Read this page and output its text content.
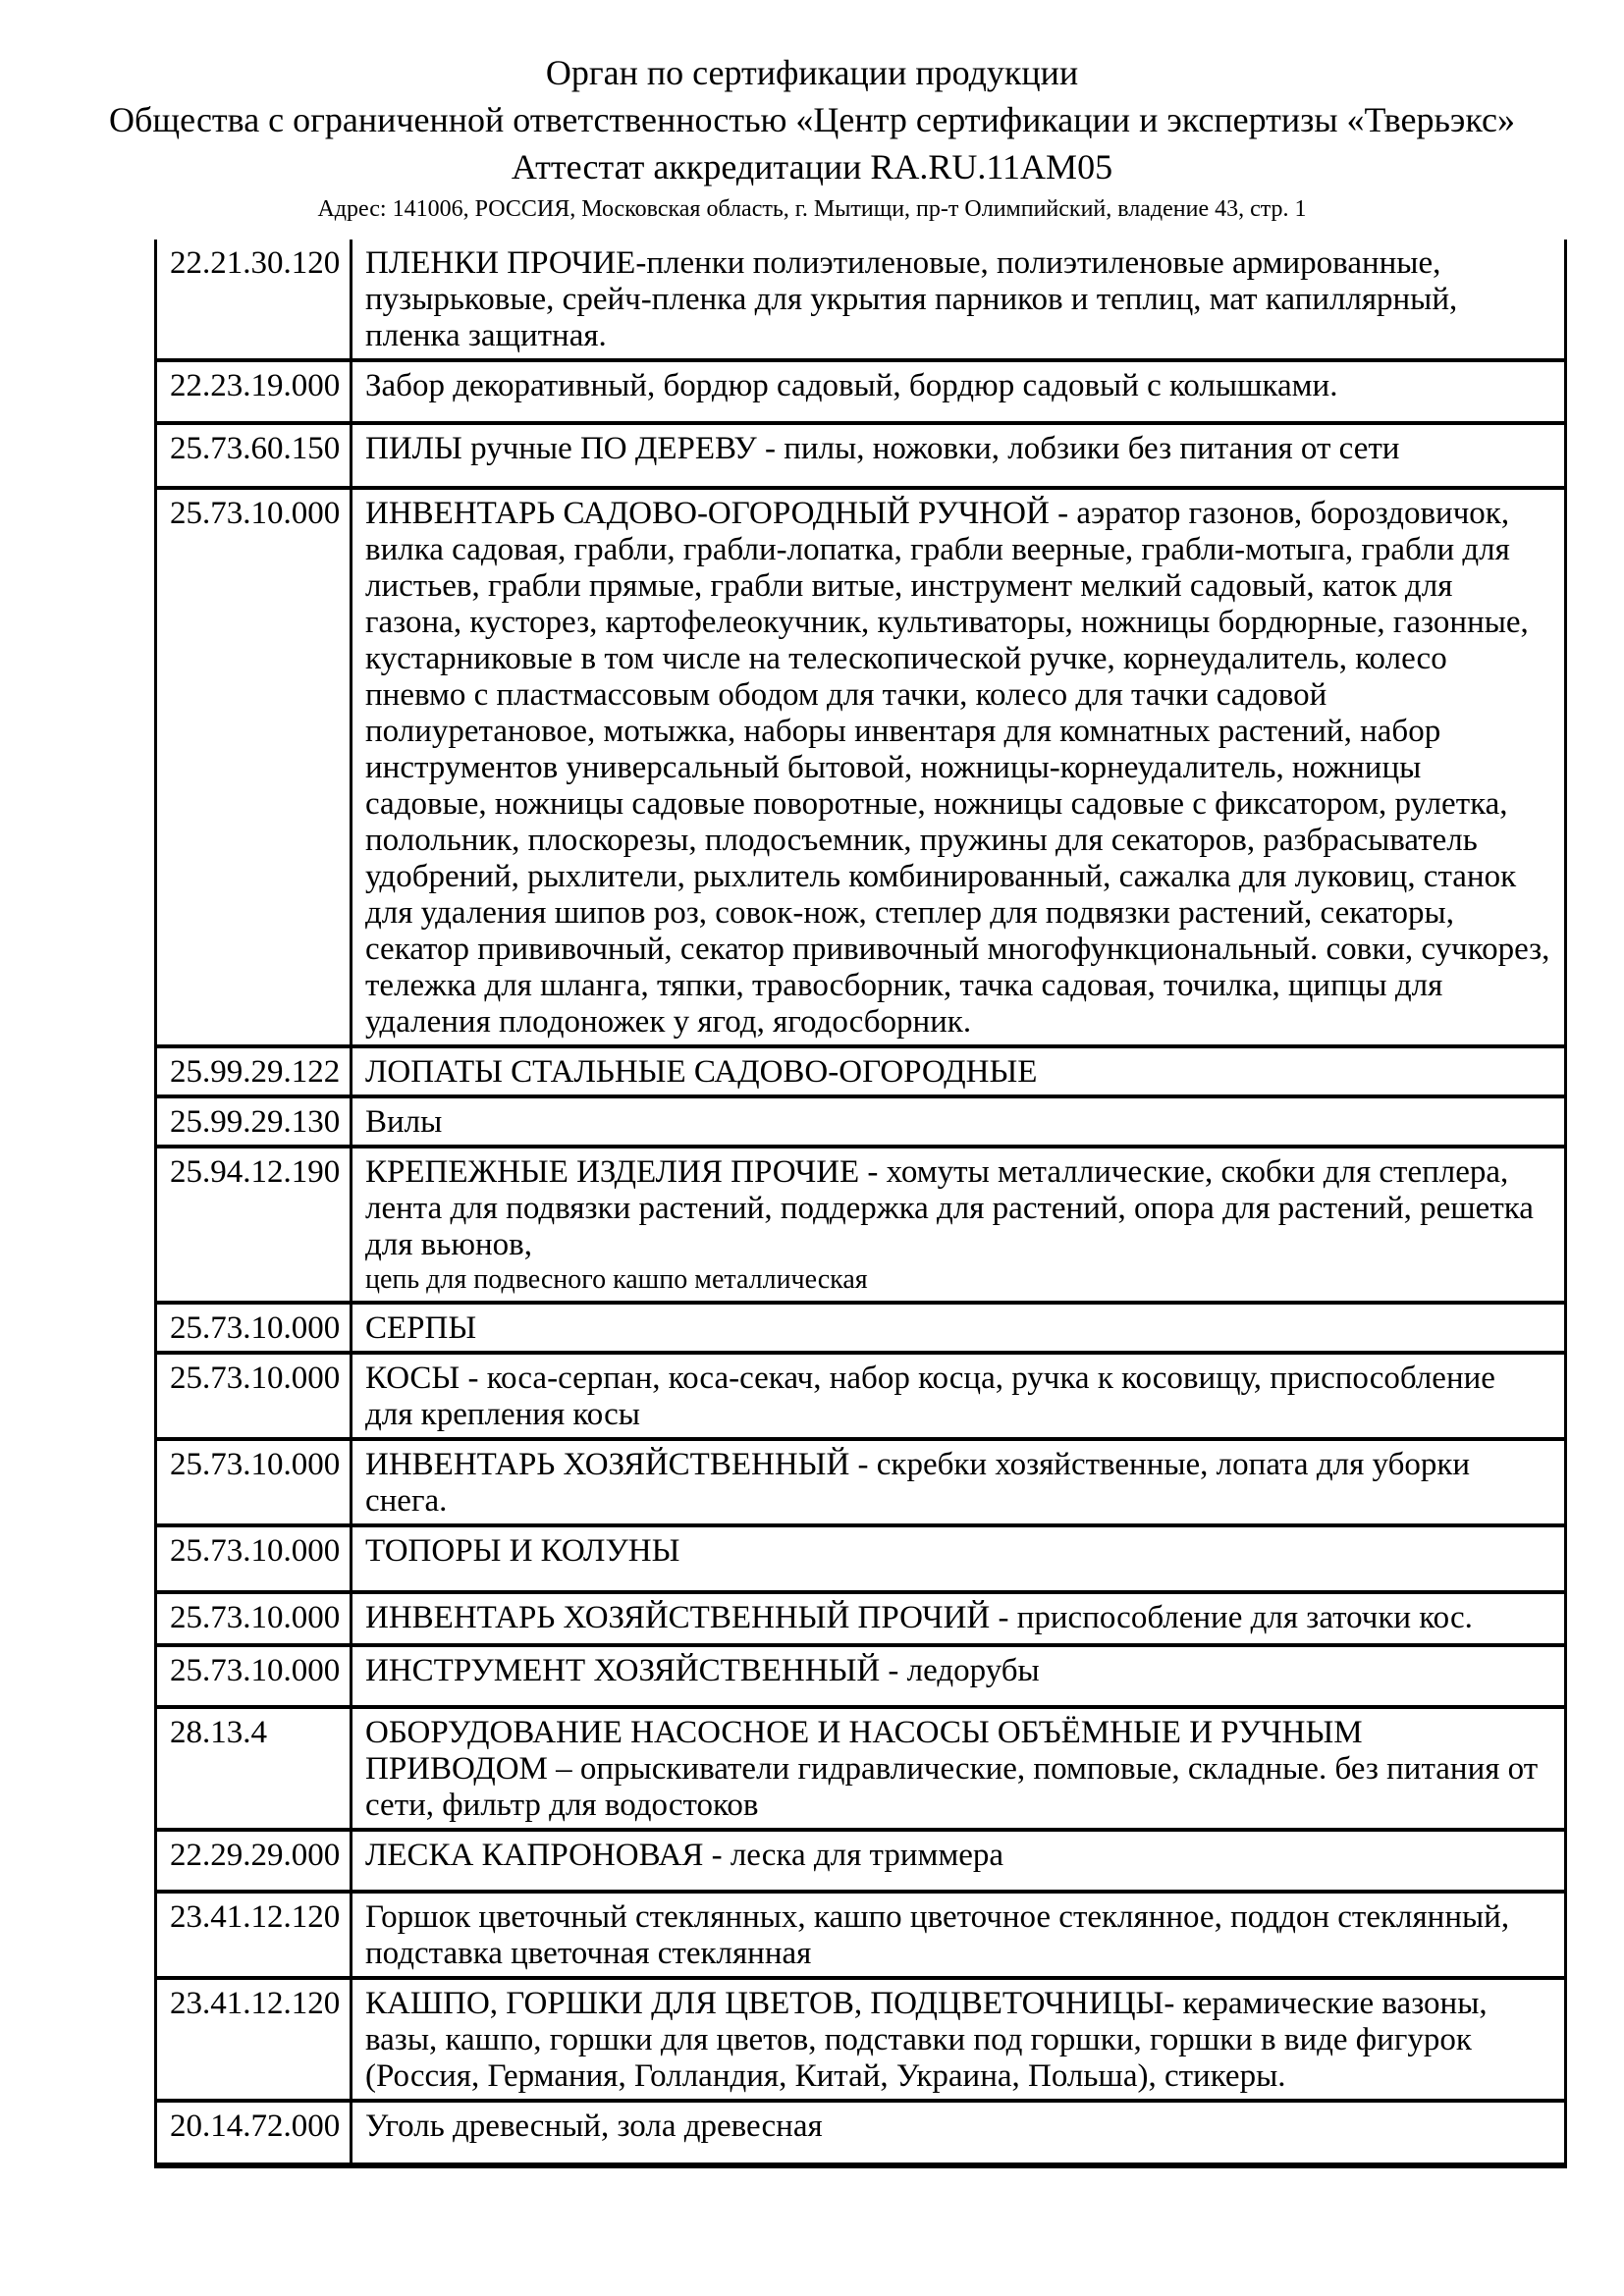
Орган по сертификации продукции
Общества с ограниченной ответственностью «Центр сертификации и экспертизы «Тверьэкс»
Аттестат аккредитации RA.RU.11АМ05
Адрес: 141006, РОССИЯ, Московская область, г. Мытищи, пр-т Олимпийский, владение 43, стр. 1
22.21.30.120 ПЛЕНКИ ПРОЧИЕ-пленки полиэтиленовые, полиэтиленовые армированные, пузырьковые, срейч-пленка для укрытия парников и теплиц, мат капиллярный, пленка защитная.
22.23.19.000 Забор декоративный, бордюр садовый, бордюр садовый с колышками.
25.73.60.150 ПИЛЫ ручные ПО ДЕРЕВУ - пилы, ножовки, лобзики без питания от сети
25.73.10.000 ИНВЕНТАРЬ САДОВО-ОГОРОДНЫЙ РУЧНОЙ - аэратор газонов, бороздовичок, вилка садовая, грабли, грабли-лопатка, грабли веерные, грабли-мотыга, грабли для листьев, грабли прямые, грабли витые, инструмент мелкий садовый, каток для газона, кусторез, картофелеокучник, культиваторы, ножницы бордюрные, газонные, кустарниковые в том числе на телескопической ручке, корнеудалитель, колесо пневмо с пластмассовым ободом для тачки, колесо для тачки садовой полиуретановое, мотыжка, наборы инвентаря для комнатных растений, набор инструментов универсальный бытовой, ножницы-корнеудалитель, ножницы садовые, ножницы садовые поворотные, ножницы садовые с фиксатором, рулетка, полольник, плоскорезы, плодосъемник, пружины для секаторов, разбрасыватель удобрений, рыхлители, рыхлитель комбинированный, сажалка для луковиц, станок для удаления шипов роз, совок-нож, степлер для подвязки растений, секаторы, секатор прививочный, секатор прививочный многофункциональный. совки, сучкорез, тележка для шланга, тяпки, травосборник, тачка садовая, точилка, щипцы для удаления плодоножек у ягод, ягодосборник.
25.99.29.122 ЛОПАТЫ СТАЛЬНЫЕ САДОВО-ОГОРОДНЫЕ
25.99.29.130 Вилы
25.94.12.190 КРЕПЕЖНЫЕ ИЗДЕЛИЯ ПРОЧИЕ - хомуты металлические, скобки для степлера, лента для подвязки растений, поддержка для растений, опора для растений, решетка для вьюнов,
цепь для подвесного кашпо металлическая
25.73.10.000 СЕРПЫ
25.73.10.000 КОСЫ - коса-серпан, коса-секач, набор косца, ручка к косовищу, приспособление для крепления косы
25.73.10.000 ИНВЕНТАРЬ ХОЗЯЙСТВЕННЫЙ - скребки хозяйственные, лопата для уборки снега.
25.73.10.000 ТОПОРЫ И КОЛУНЫ
25.73.10.000 ИНВЕНТАРЬ ХОЗЯЙСТВЕННЫЙ ПРОЧИЙ - приспособление для заточки кос.
25.73.10.000 ИНСТРУМЕНТ ХОЗЯЙСТВЕННЫЙ - ледорубы
28.13.4	ОБОРУДОВАНИЕ НАСОСНОЕ И НАСОСЫ ОБЪЁМНЫЕ И РУЧНЫМ ПРИВОДОМ – опрыскиватели гидравлические, помповые, складные. без питания от сети, фильтр для водостоков
22.29.29.000 ЛЕСКА КАПРОНОВАЯ - леска для триммера
23.41.12.120 Горшок цветочный стеклянных, кашпо цветочное стеклянное, поддон стеклянный, подставка цветочная стеклянная
23.41.12.120 КАШПО, ГОРШКИ ДЛЯ ЦВЕТОВ, ПОДЦВЕТОЧНИЦЫ- керамические вазоны, вазы, кашпо, горшки для цветов, подставки под горшки, горшки в виде фигурок (Россия, Германия, Голландия, Китай, Украина, Польша), стикеры.
20.14.72.000 Уголь древесный, зола древесная
